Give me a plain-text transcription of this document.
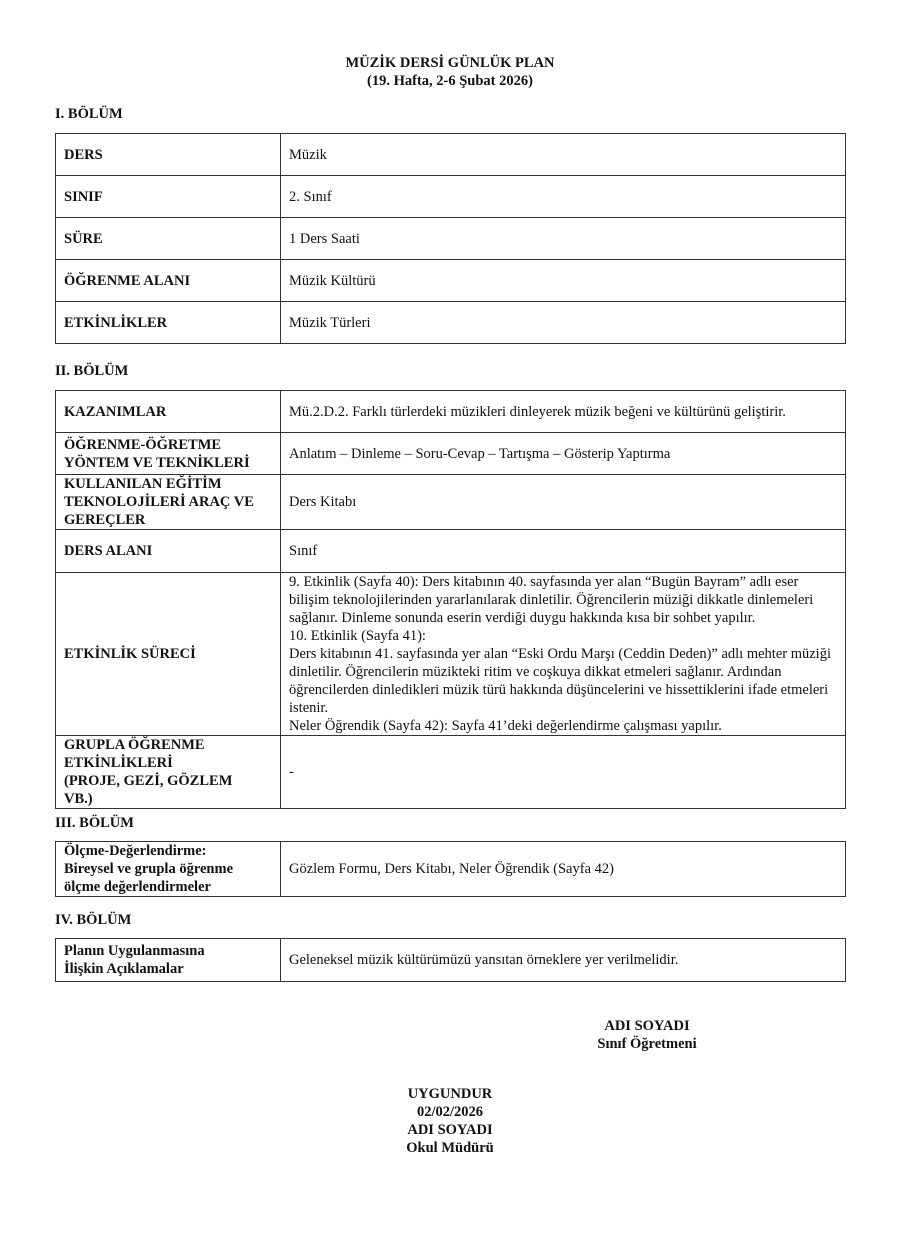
MÜZİK DERSİ GÜNLÜK PLAN
(19. Hafta, 2-6 Şubat 2026)
I. BÖLÜM
DERS	Müzik
SINIF	2. Sınıf
SÜRE	1 Ders Saati
ÖĞRENME ALANI	Müzik Kültürü
ETKİNLİKLER	Müzik Türleri
II. BÖLÜM
KAZANIMLAR	Mü.2.D.2. Farklı türlerdeki müzikleri dinleyerek müzik beğeni ve kültürünü geliştirir.
ÖĞRENME-ÖĞRETME
YÖNTEM VE TEKNİKLERİ	Anlatım – Dinleme – Soru-Cevap – Tartışma – Gösterip Yaptırma
KULLANILAN EĞİTİM
TEKNOLOJİLERİ ARAÇ VE
GEREÇLER	Ders Kitabı
DERS ALANI	Sınıf
ETKİNLİK SÜRECİ	9. Etkinlik (Sayfa 40): Ders kitabının 40. sayfasında yer alan “Bugün Bayram” adlı eser bilişim teknolojilerinden yararlanılarak dinletilir. Öğrencilerin müziği dikkatle dinlemeleri sağlanır. Dinleme sonunda eserin verdiği duygu hakkında kısa bir sohbet yapılır.
10. Etkinlik (Sayfa 41):
Ders kitabının 41. sayfasında yer alan “Eski Ordu Marşı (Ceddin Deden)” adlı mehter müziği dinletilir. Öğrencilerin müzikteki ritim ve coşkuya dikkat etmeleri sağlanır. Ardından öğrencilerden dinledikleri müzik türü hakkında düşüncelerini ve hissettiklerini ifade etmeleri istenir.
Neler Öğrendik (Sayfa 42): Sayfa 41’deki değerlendirme çalışması yapılır.
GRUPLA ÖĞRENME
ETKİNLİKLERİ
(PROJE, GEZİ, GÖZLEM
VB.)	-
III. BÖLÜM
Ölçme-Değerlendirme:
Bireysel ve grupla öğrenme
ölçme değerlendirmeler	Gözlem Formu, Ders Kitabı, Neler Öğrendik (Sayfa 42)
IV. BÖLÜM
Planın Uygulanmasına
İlişkin Açıklamalar	Geleneksel müzik kültürümüzü yansıtan örneklere yer verilmelidir.
ADI SOYADI
Sınıf Öğretmeni
UYGUNDUR
02/02/2026
ADI SOYADI
Okul Müdürü
